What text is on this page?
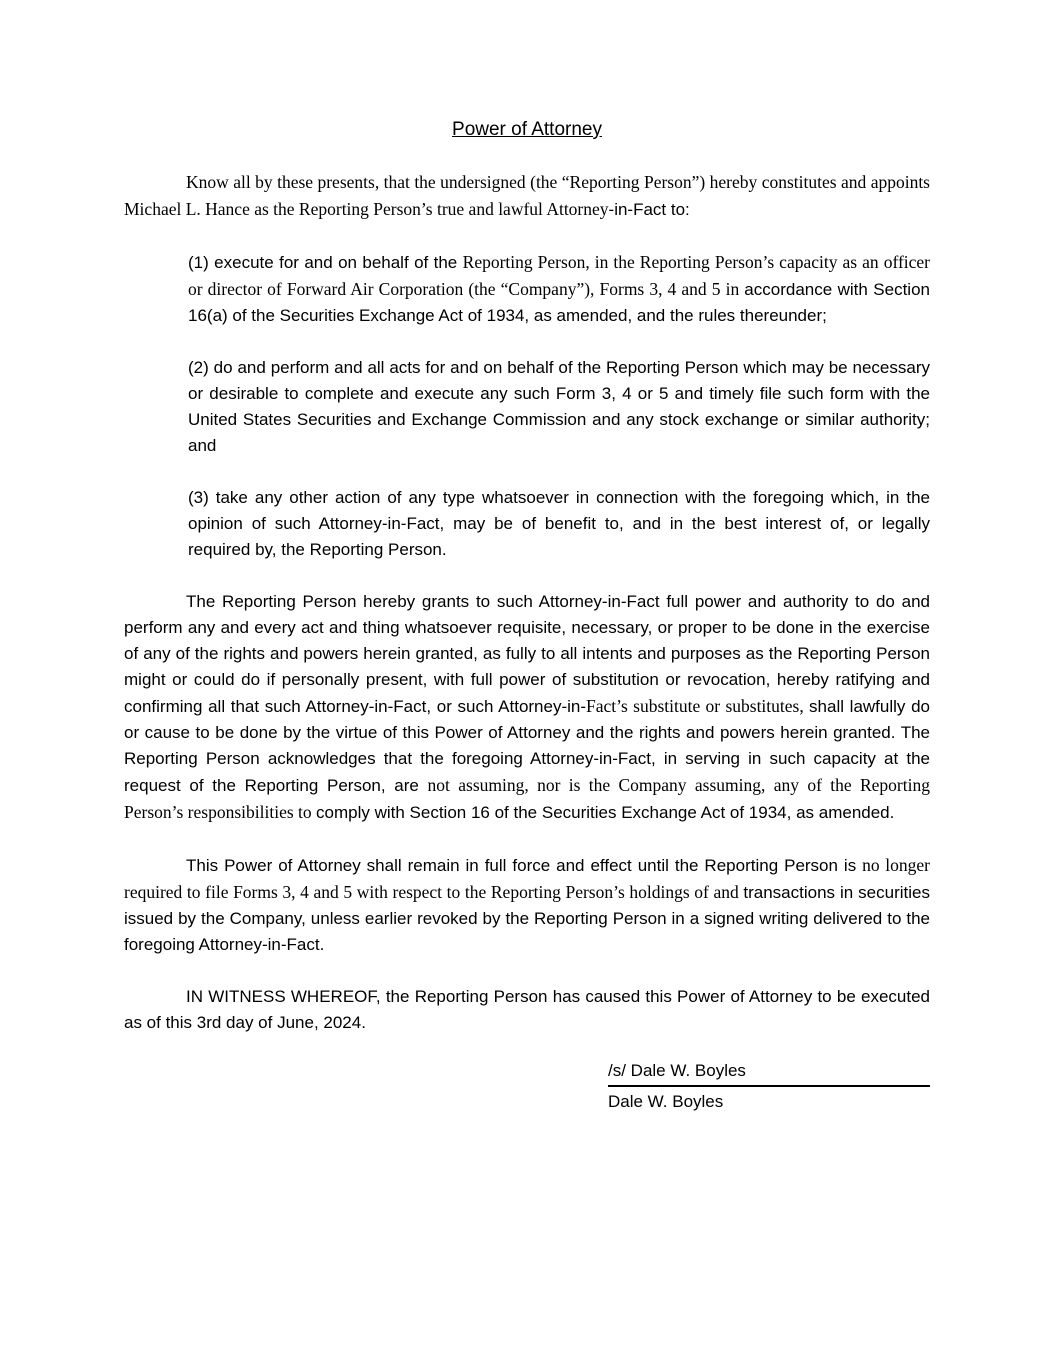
Power of Attorney
Know all by these presents, that the undersigned (the “Reporting Person”) hereby constitutes and appoints Michael L. Hance as the Reporting Person’s true and lawful Attorney-in-Fact to:
(1) execute for and on behalf of the Reporting Person, in the Reporting Person’s capacity as an officer or director of Forward Air Corporation (the “Company”), Forms 3, 4 and 5 in accordance with Section 16(a) of the Securities Exchange Act of 1934, as amended, and the rules thereunder;
(2) do and perform and all acts for and on behalf of the Reporting Person which may be necessary or desirable to complete and execute any such Form 3, 4 or 5 and timely file such form with the United States Securities and Exchange Commission and any stock exchange or similar authority; and
(3) take any other action of any type whatsoever in connection with the foregoing which, in the opinion of such Attorney-in-Fact, may be of benefit to, and in the best interest of, or legally required by, the Reporting Person.
The Reporting Person hereby grants to such Attorney-in-Fact full power and authority to do and perform any and every act and thing whatsoever requisite, necessary, or proper to be done in the exercise of any of the rights and powers herein granted, as fully to all intents and purposes as the Reporting Person might or could do if personally present, with full power of substitution or revocation, hereby ratifying and confirming all that such Attorney-in-Fact, or such Attorney-in-Fact’s substitute or substitutes, shall lawfully do or cause to be done by the virtue of this Power of Attorney and the rights and powers herein granted. The Reporting Person acknowledges that the foregoing Attorney-in-Fact, in serving in such capacity at the request of the Reporting Person, are not assuming, nor is the Company assuming, any of the Reporting Person’s responsibilities to comply with Section 16 of the Securities Exchange Act of 1934, as amended.
This Power of Attorney shall remain in full force and effect until the Reporting Person is no longer required to file Forms 3, 4 and 5 with respect to the Reporting Person’s holdings of and transactions in securities issued by the Company, unless earlier revoked by the Reporting Person in a signed writing delivered to the foregoing Attorney-in-Fact.
IN WITNESS WHEREOF, the Reporting Person has caused this Power of Attorney to be executed as of this 3rd day of June, 2024.
/s/ Dale W. Boyles
Dale W. Boyles
